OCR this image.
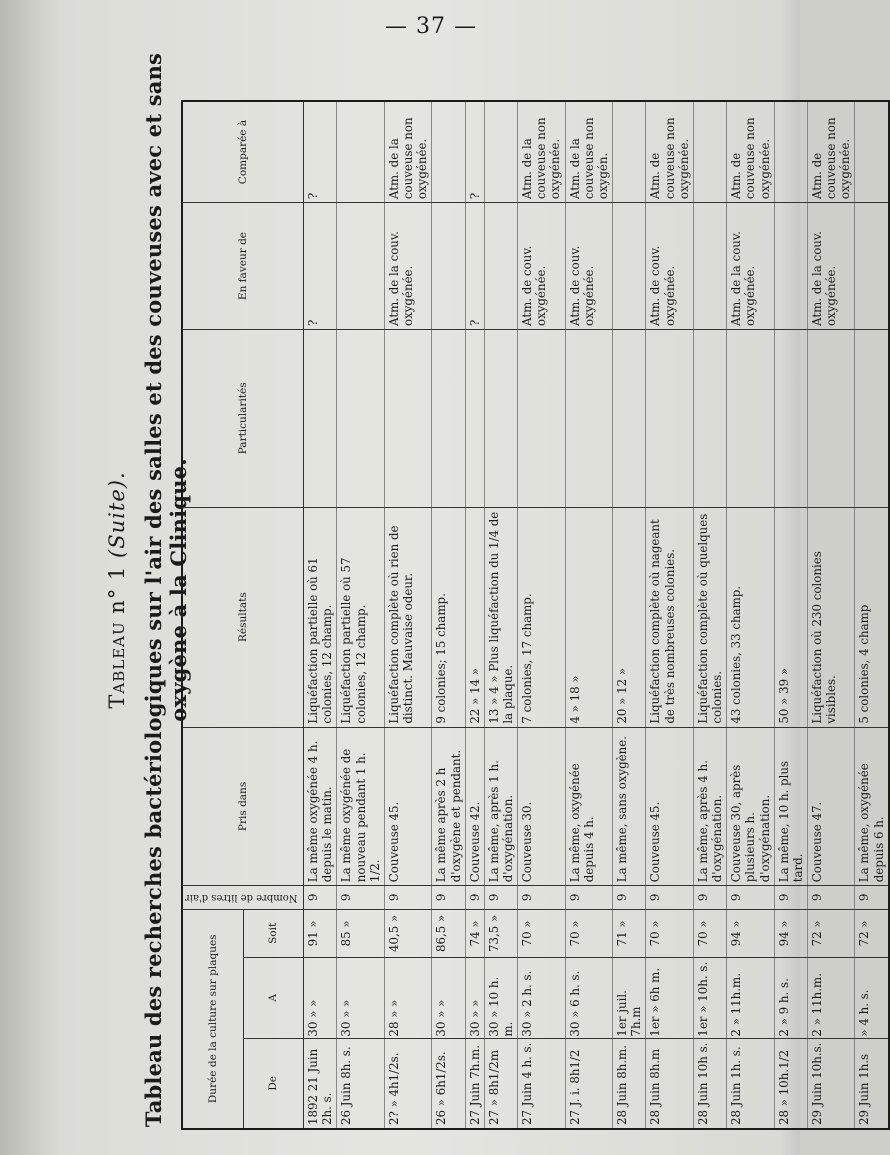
— 37 —
Tableau n° 1 (Suite). Tableau des recherches bactériologiques sur l'air des salles et des couveuses avec et sans oxygène à la Clinique.
Durée de la culture sur plaques			Nombre de litres d'air	Pris dans	Résultats	Particularités	En faveur de	Comparée à
De	A	Soit						
1892 21 Juin 2h. s.	30 » »	91 »	9	La même oxygénée 4 h. depuis le matin.	Liquéfaction partielle où 61 colonies, 12 champ.		?	?
26 Juin 8h. s.	30 » »	85 »	9	La même oxygénée de nouveau pendant 1 h. 1/2.	Liquéfaction partielle où 57 colonies, 12 champ.			
2? » 4h1/2s.	28 » »	40,5 »	9	Couveuse 45.	Liquéfaction complète où rien de distinct. Mauvaise odeur.		Atm. de la couv. oxygénée.	Atm. de la couveuse non oxygénée.
26 » 6h1/2s.	30 » »	86,5 »	9	La même après 2 h d'oxygène et pendant.	9 colonies; 15 champ.			
27 Juin 7h.m.	30 » »	74 »	9	Couveuse 42.	22 » 14 »		?	?
27 » 8h1/2m	30 » 10 h. m.	73,5 »	9	La même, après 1 h. d'oxygénation.	13 » 4 » Plus liquéfaction du 1/4 de la plaque.			
27 Juin 4 h. s.	30 » 2 h. s.	70 »	9	Couveuse 30.	7 colonies, 17 champ.		Atm. de couv. oxygénée.	Atm. de la couveuse non oxygénée.
27 J. i. 8h1/2	30 » 6 h. s.	70 »	9	La même, oxygénée depuis 4 h.	4 » 18 »		Atm. de couv. oxygénée.	Atm. de la couveuse non oxygén.
28 Juin 8h.m.	1er juil. 7h.m	71 »	9	La même, sans oxygène.	20 » 12 »			
28 Juin 8h.m	1er » 6h m.	70 »	9	Couveuse 45.	Liquéfaction complète où nageant de très nombreuses colonies.		Atm. de couv. oxygénée.	Atm. de couveuse non oxygénée.
28 Juin 10h s.	1er » 10h. s.	70 »	9	La même, après 4 h. d'oxygénation.	Liquéfaction complète où quelques colonies.			
28 Juin 1h. s.	2 » 11h.m.	94 »	9	Couveuse 30, après plusieurs h. d'oxygénation.	43 colonies, 33 champ.		Atm. de la couv. oxygénée.	Atm. de couveuse non oxygénée.
28 » 10h.1/2	2 » 9 h. s.	94 »	9	La même, 10 h. plus tard.	50 » 39 »			
29 Juin 10h.s.	2 » 11h.m.	72 »	9	Couveuse 47.	Liquéfaction où 230 colonies visibles.		Atm. de la couv. oxygénée.	Atm. de couveuse non oxygénée.
29 Juin 1h.s	» 4 h. s.	72 »	9	La même, oxygénée depuis 6 h.	5 colonies, 4 champ			
